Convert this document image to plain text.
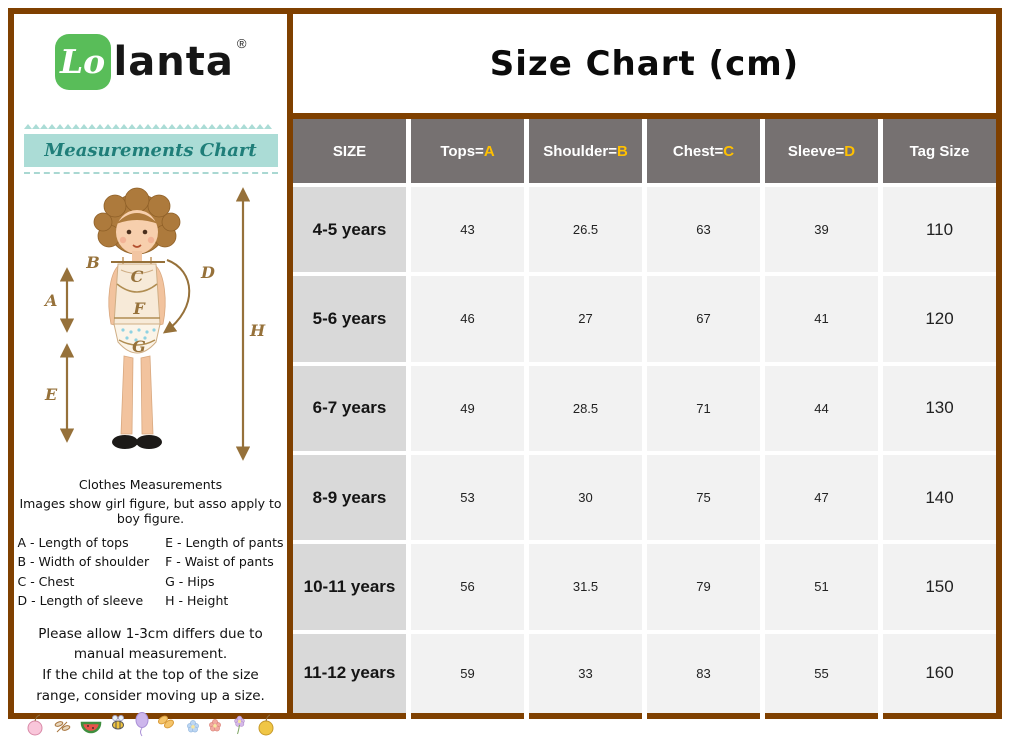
Lo lanta ®
Measurements Chart
H
A
E
B
C
F
D
G
Clothes Measurements
Images show girl figure, but asso apply to boy figure.
A - Length of tops
B - Width of shoulder
C - Chest
D - Length of sleeve
E - Length of pants
F - Waist of pants
G - Hips
H - Height
Please allow 1-3cm differs due to manual measurement.
If the child at the top of the size range, consider moving up a size.
Size Chart (cm)
SIZE	Tops= A	Shoulder= B	Chest= C	Sleeve= D	Tag Size
4-5 years	43	26.5	63	39	110
5-6 years	46	27	67	41	120
6-7 years	49	28.5	71	44	130
8-9 years	53	30	75	47	140
10-11 years	56	31.5	79	51	150
11-12 years	59	33	83	55	160
